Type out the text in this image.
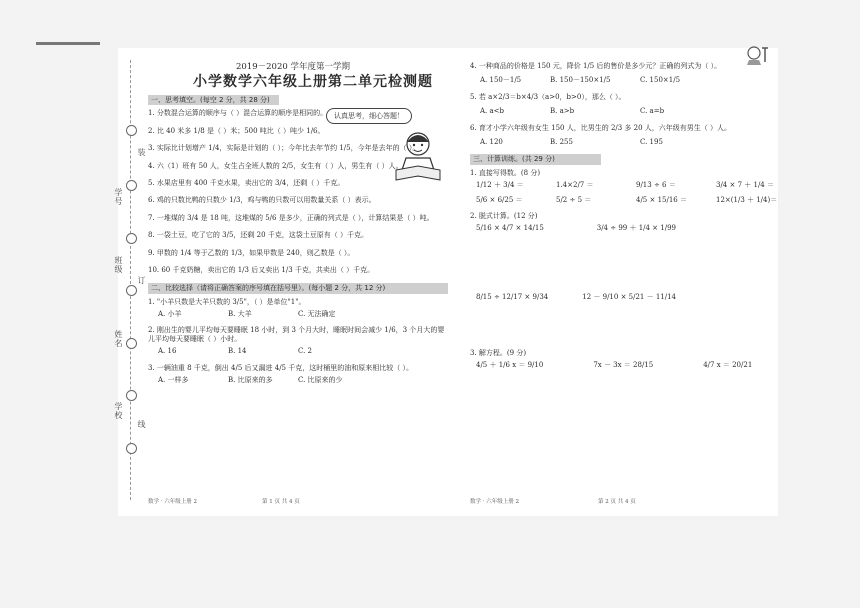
学号
班级
姓名
学校
装
订
线
认真思考，细心答题！
2019－2020 学年度第一学期
小学数学六年级上册第二单元检测题
一、思考填空。(每空 2 分，共 28 分)
1. 分数混合运算的顺序与（ ）混合运算的顺序是相同的。
2. 比 40 米多 1/8 是（ ）米；500 吨比（ ）吨少 1/6。
3. 实际比计划增产 1/4，实际是计划的（ ）；今年比去年节约 1/5，今年是去年的（ ）。
4. 六（1）班有 50 人，女生占全班人数的 2/5，女生有（ ）人，男生有（ ）人。
5. 水果店里有 400 千克水果，卖出它的 3/4，还剩（ ）千克。
6. 鸡的只数比鸭的只数少 1/3，鸡与鸭的只数可以用数量关系（ ）表示。
7. 一堆煤的 3/4 是 18 吨，这堆煤的 5/6 是多少，正确的列式是（ ），计算结果是（ ）吨。
8. 一袋土豆，吃了它的 3/5，还剩 20 千克，这袋土豆原有（ ）千克。
9. 甲数的 1/4 等于乙数的 1/3，如果甲数是 240，则乙数是（ ）。
10. 60 千克奶糖，卖出它的 1/3 后又卖出 1/3 千克，共卖出（ ）千克。
二、比较选择（请将正确答案的序号填在括号里）。(每小题 2 分，共 12 分)
1. "小羊只数是大羊只数的 3/5"，（ ）是单位"1"。
A. 小羊	B. 大羊	C. 无法确定
2. 刚出生的婴儿平均每天要睡眠 18 小时，到 3 个月大时，睡眠时间会减少 1/6，3 个月大的婴儿平均每天要睡眠（ ）小时。
A. 16	B. 14	C. 2
3. 一辆油重 8 千克，倒出 4/5 后又漏进 4/5 千克，这时桶里的油和原来相比较（ ）。
A. 一样多	B. 比原来的多	C. 比原来的少
4. 一种商品的价格是 150 元，降价 1/5 后的售价是多少元？正确的列式为（ ）。
A. 150－1/5	B. 150－150×1/5	C. 150×1/5
5. 若 a×2/3＝b×4/3（a>0，b>0），那么（ ）。
A. a<b	B. a>b	C. a=b
6. 育才小学六年级有女生 150 人，比男生的 2/3 多 20 人，六年级有男生（ ）人。
A. 120	B. 255	C. 195
三、计算训练。(共 29 分)
1. 直接写得数。(8 分)
1/12 ＋ 3/4 ＝	1.4×2/7 ＝	9/13 ÷ 6 ＝	3/4 × 7 ＋ 1/4 ＝
5/6 × 6/25 ＝	5/2 ÷ 5 ＝	4/5 × 15/16 ＝	12×(1/3 ＋ 1/4)＝
2. 脱式计算。(12 分)
5/16 × 4/7 × 14/15	3/4 ÷ 99 ＋ 1/4 × 1/99
8/15 ÷ 12/17 × 9/34	12 － 9/10 × 5/21 － 11/14
3. 解方程。(9 分)
4/5 ＋ 1/6 x ＝ 9/10	7x － 3x ＝ 28/15	4/7 x ＝ 20/21
数学 · 六年级上册 2	第 1 页 共 4 页	数学 · 六年级上册 2	第 2 页 共 4 页
